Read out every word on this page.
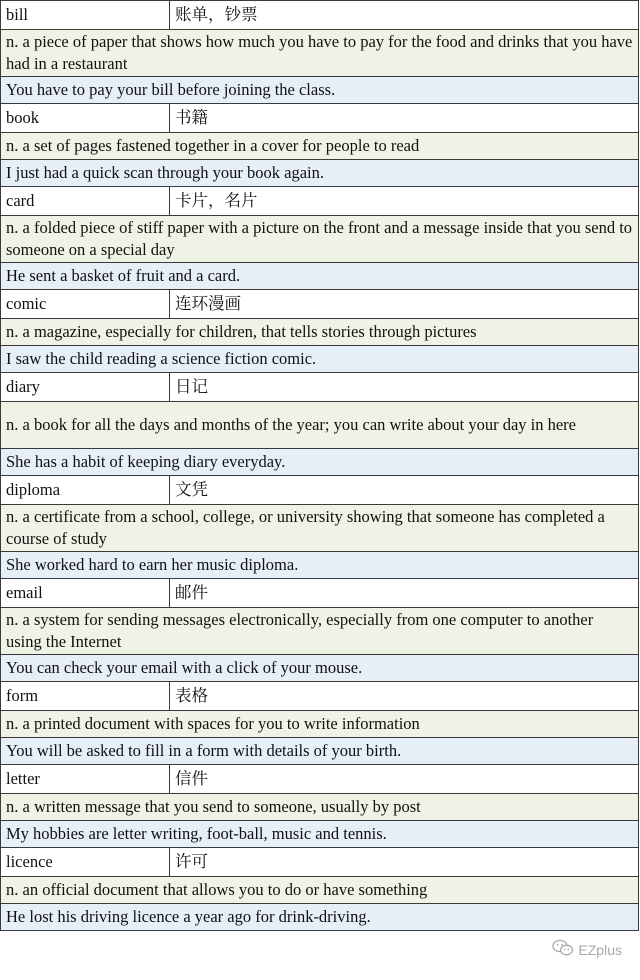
bill	账单，钞票
n. a piece of paper that shows how much you have to pay for the food and drinks that you have had in a restaurant	
You have to pay your bill before joining the class.	
book	书籍
n. a set of pages fastened together in a cover for people to read	
I just had a quick scan through your book again.	
card	卡片，名片
n. a folded piece of stiff paper with a picture on the front and a message inside that you send to someone on a special day	
He sent a basket of fruit and a card.	
comic	连环漫画
n. a magazine, especially for children, that tells stories through pictures	
I saw the child reading a science fiction comic.	
diary	日记
n. a book for all the days and months of the year; you can write about your day in here	
She has a habit of keeping diary everyday.	
diploma	文凭
n. a certificate from a school, college, or university showing that someone has completed a course of study	
She worked hard to earn her music diploma.	
email	邮件
n. a system for sending messages electronically, especially from one computer to another using the Internet	
You can check your email with a click of your mouse.	
form	表格
n. a printed document with spaces for you to write information	
You will be asked to fill in a form with details of your birth.	
letter	信件
n. a written message that you send to someone, usually by post	
My hobbies are letter writing, foot-ball, music and tennis.	
licence	许可
n. an official document that allows you to do or have something	
He lost his driving licence a year ago for drink-driving.	
EZplus
